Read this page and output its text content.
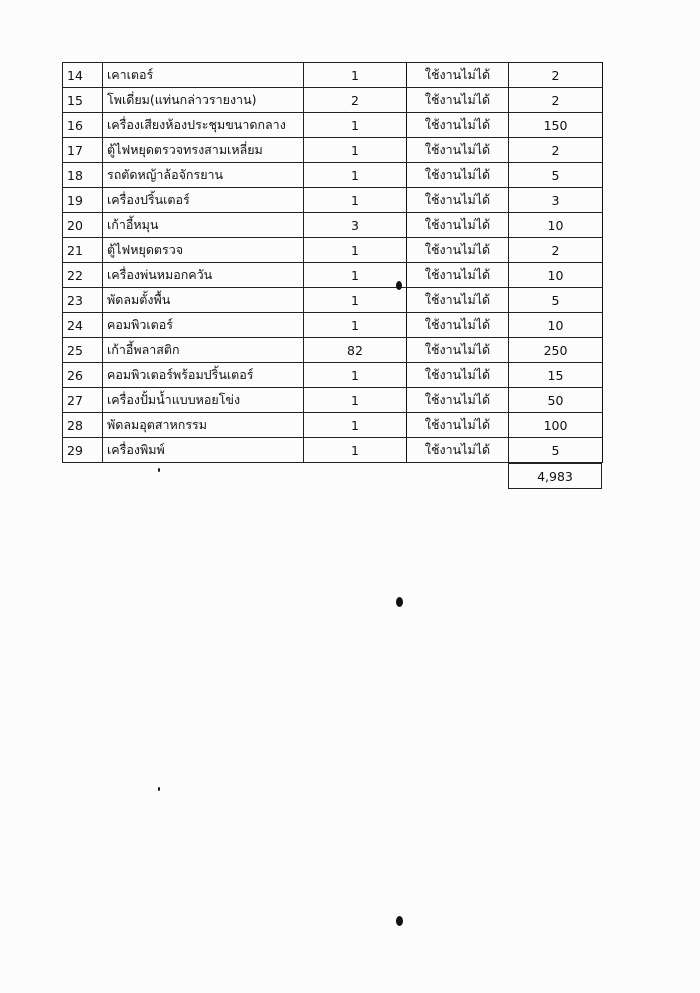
14	เคาเตอร์	1	ใช้งานไม่ได้	2
15	โพเดี่ยม(แท่นกล่าวรายงาน)	2	ใช้งานไม่ได้	2
16	เครื่องเสียงห้องประชุมขนาดกลาง	1	ใช้งานไม่ได้	150
17	ตู้ไฟหยุดตรวจทรงสามเหลี่ยม	1	ใช้งานไม่ได้	2
18	รถตัดหญ้าล้อจักรยาน	1	ใช้งานไม่ได้	5
19	เครื่องปริ้นเตอร์	1	ใช้งานไม่ได้	3
20	เก้าอี้หมุน	3	ใช้งานไม่ได้	10
21	ตู้ไฟหยุดตรวจ	1	ใช้งานไม่ได้	2
22	เครื่องพ่นหมอกควัน	1	ใช้งานไม่ได้	10
23	พัดลมตั้งพื้น	1	ใช้งานไม่ได้	5
24	คอมพิวเตอร์	1	ใช้งานไม่ได้	10
25	เก้าอี้พลาสติก	82	ใช้งานไม่ได้	250
26	คอมพิวเตอร์พร้อมปริ้นเตอร์	1	ใช้งานไม่ได้	15
27	เครื่องปั้มน้ำแบบหอยโข่ง	1	ใช้งานไม่ได้	50
28	พัดลมอุตสาหกรรม	1	ใช้งานไม่ได้	100
29	เครื่องพิมพ์	1	ใช้งานไม่ได้	5
4,983
